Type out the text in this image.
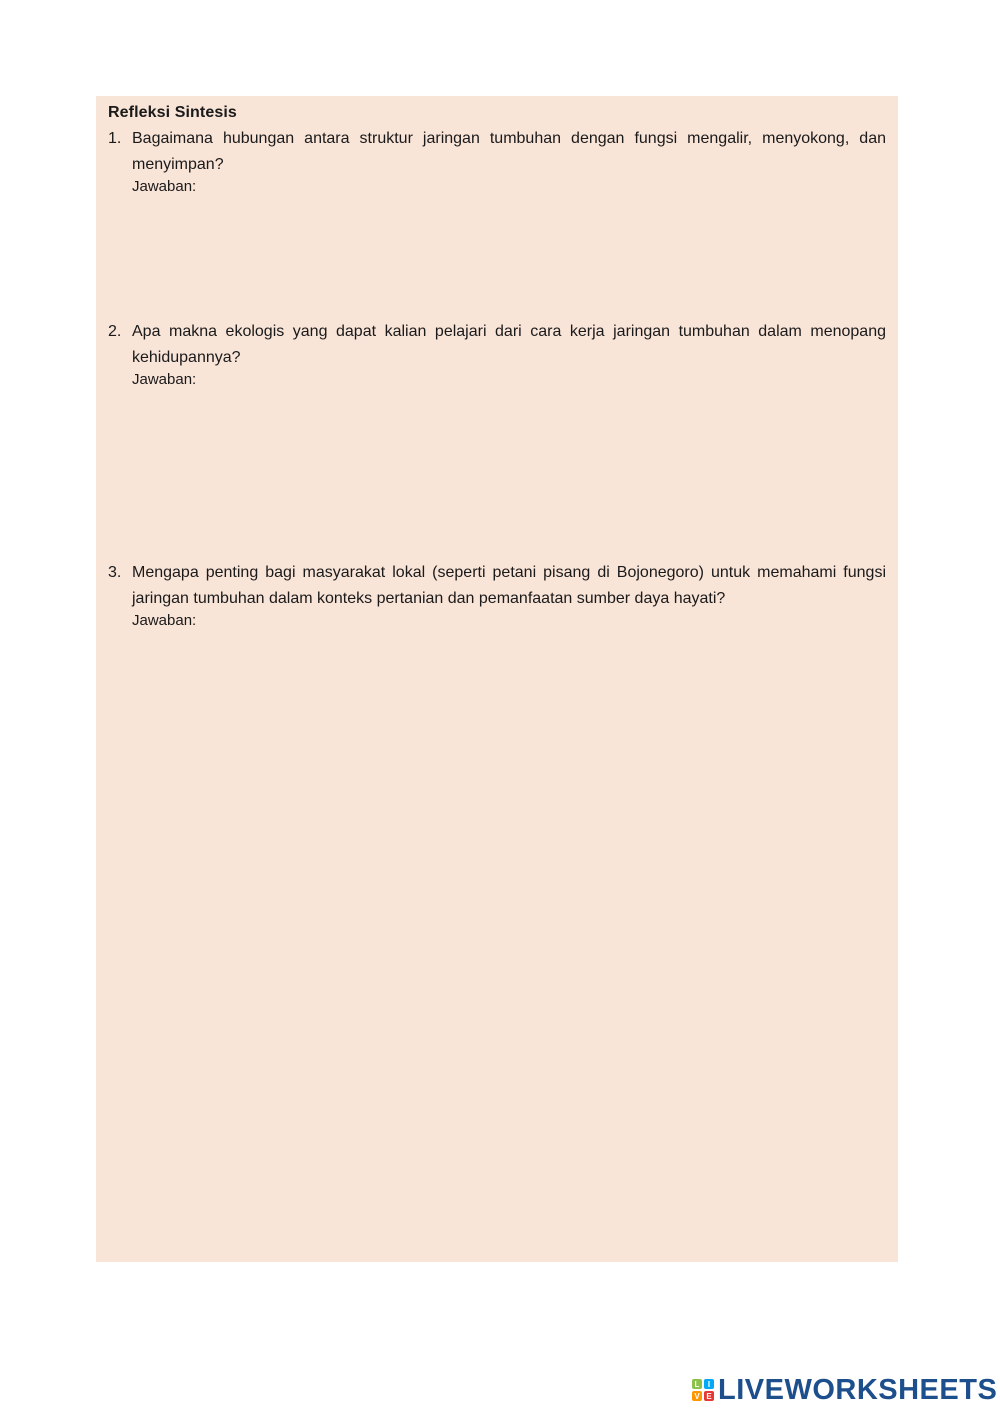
Refleksi Sintesis
1. Bagaimana hubungan antara struktur jaringan tumbuhan dengan fungsi mengalir, menyokong, dan menyimpan?
Jawaban:
2. Apa makna ekologis yang dapat kalian pelajari dari cara kerja jaringan tumbuhan dalam menopang kehidupannya?
Jawaban:
3. Mengapa penting bagi masyarakat lokal (seperti petani pisang di Bojonegoro) untuk memahami fungsi jaringan tumbuhan dalam konteks pertanian dan pemanfaatan sumber daya hayati?
Jawaban:
L	I
V E LIVEWORKSHEETS
